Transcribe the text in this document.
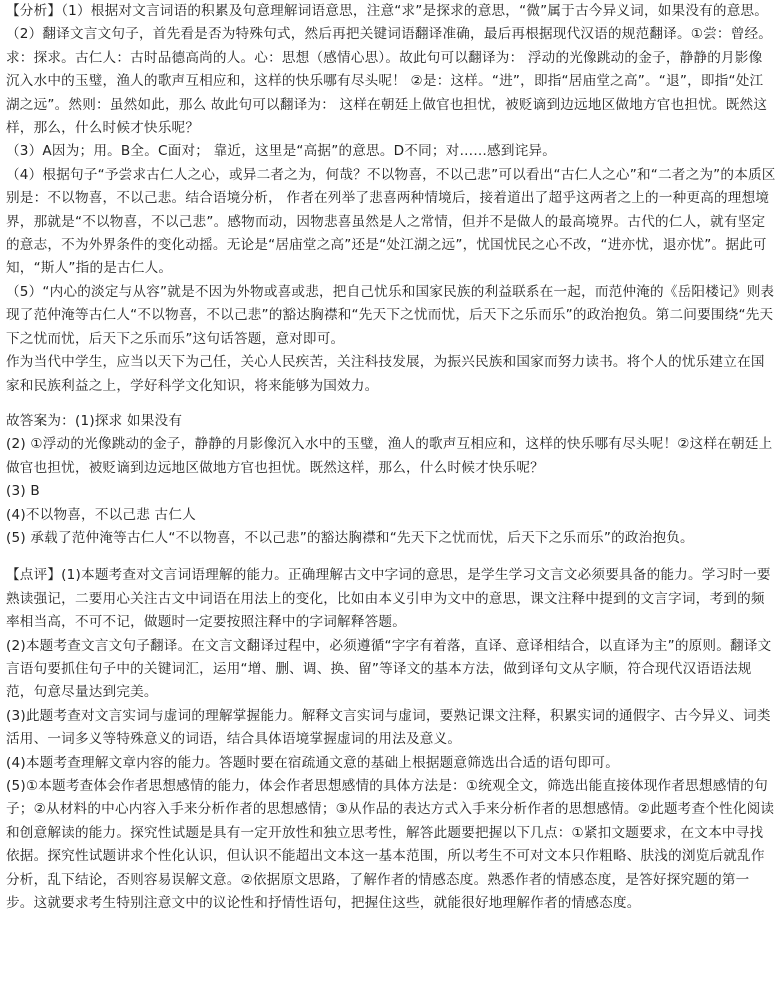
【分析】（1）根据对文言词语的积累及句意理解词语意思，注意“求”是探求的意思，“微”属于古今异义词，如果没有的意思。

（2）翻译文言文句子，首先看是否为特殊句式，然后再把关键词语翻译准确，最后再根据现代汉语的规范翻译。①尝：曾经。求：探求。古仁人：古时品德高尚的人。心：思想（感情心思）。故此句可以翻译为： 浮动的光像跳动的金子，静静的月影像沉入水中的玉璧，渔人的歌声互相应和，这样的快乐哪有尽头呢！ ②是：这样。“进”，即指“居庙堂之高”。“退”，即指“处江湖之远”。然则：虽然如此，那么 故此句可以翻译为： 这样在朝廷上做官也担忧，被贬谪到边远地区做地方官也担忧。既然这样，那么，什么时候才快乐呢？

（3）A因为；用。B全。C面对； 靠近，这里是“高据”的意思。D不同；对……感到诧异。

（4）根据句子“予尝求古仁人之心，或异二者之为，何哉？不以物喜，不以己悲”可以看出“古仁人之心”和“二者之为”的本质区别是：不以物喜，不以己悲。结合语境分析， 作者在列举了悲喜两种情境后，接着道出了超乎这两者之上的一种更高的理想境界，那就是“不以物喜，不以己悲”。感物而动，因物悲喜虽然是人之常情，但并不是做人的最高境界。古代的仁人，就有坚定的意志，不为外界条件的变化动摇。无论是“居庙堂之高”还是“处江湖之远”，忧国忧民之心不改，“进亦忧，退亦忧”。据此可知，“斯人”指的是古仁人。

（5）“内心的淡定与从容”就是不因为外物或喜或悲，把自己忧乐和国家民族的利益联系在一起，而范仲淹的《岳阳楼记》则表现了范仲淹等古仁人“不以物喜，不以己悲”的豁达胸襟和“先天下之忧而忧，后天下之乐而乐”的政治抱负。第二问要围绕“先天下之忧而忧，后天下之乐而乐”这句话答题，意对即可。

作为当代中学生，应当以天下为己任，关心人民疾苦，关注科技发展，为振兴民族和国家而努力读书。将个人的忧乐建立在国家和民族利益之上，学好科学文化知识，将来能够为国效力。

故答案为：(1)探求 如果没有

(2) ①浮动的光像跳动的金子，静静的月影像沉入水中的玉璧，渔人的歌声互相应和，这样的快乐哪有尽头呢！②这样在朝廷上做官也担忧，被贬谪到边远地区做地方官也担忧。既然这样，那么，什么时候才快乐呢？

(3) B

(4)不以物喜，不以己悲 古仁人

(5) 承载了范仲淹等古仁人“不以物喜，不以己悲”的豁达胸襟和“先天下之忧而忧，后天下之乐而乐”的政治抱负。

【点评】(1)本题考查对文言词语理解的能力。正确理解古文中字词的意思，是学生学习文言文必须要具备的能力。学习时一要熟读强记，二要用心关注古文中词语在用法上的变化，比如由本义引申为文中的意思，课文注释中提到的文言字词，考到的频率相当高，不可不记，做题时一定要按照注释中的字词解释答题。

(2)本题考查文言文句子翻译。在文言文翻译过程中，必须遵循“字字有着落，直译、意译相结合，以直译为主”的原则。翻译文言语句要抓住句子中的关键词汇，运用“增、删、调、换、留”等译文的基本方法，做到译句文从字顺，符合现代汉语语法规范，句意尽量达到完美。

(3)此题考查对文言实词与虚词的理解掌握能力。解释文言实词与虚词，要熟记课文注释，积累实词的通假字、古今异义、词类活用、一词多义等特殊意义的词语，结合具体语境掌握虚词的用法及意义。

(4)本题考查理解文章内容的能力。答题时要在宿疏通文意的基础上根据题意筛选出合适的语句即可。

(5)①本题考查体会作者思想感情的能力，体会作者思想感情的具体方法是：①统观全文，筛选出能直接体现作者思想感情的句子；②从材料的中心内容入手来分析作者的思想感情；③从作品的表达方式入手来分析作者的思想感情。②此题考查个性化阅读和创意解读的能力。探究性试题是具有一定开放性和独立思考性，解答此题要把握以下几点：①紧扣文题要求，在文本中寻找依据。探究性试题讲求个性化认识，但认识不能超出文本这一基本范围，所以考生不可对文本只作粗略、肤浅的浏览后就乱作分析，乱下结论，否则容易误解文意。②依据原文思路，了解作者的情感态度。熟悉作者的情感态度，是答好探究题的第一步。这就要求考生特别注意文中的议论性和抒情性语句，把握住这些，就能很好地理解作者的情感态度。
